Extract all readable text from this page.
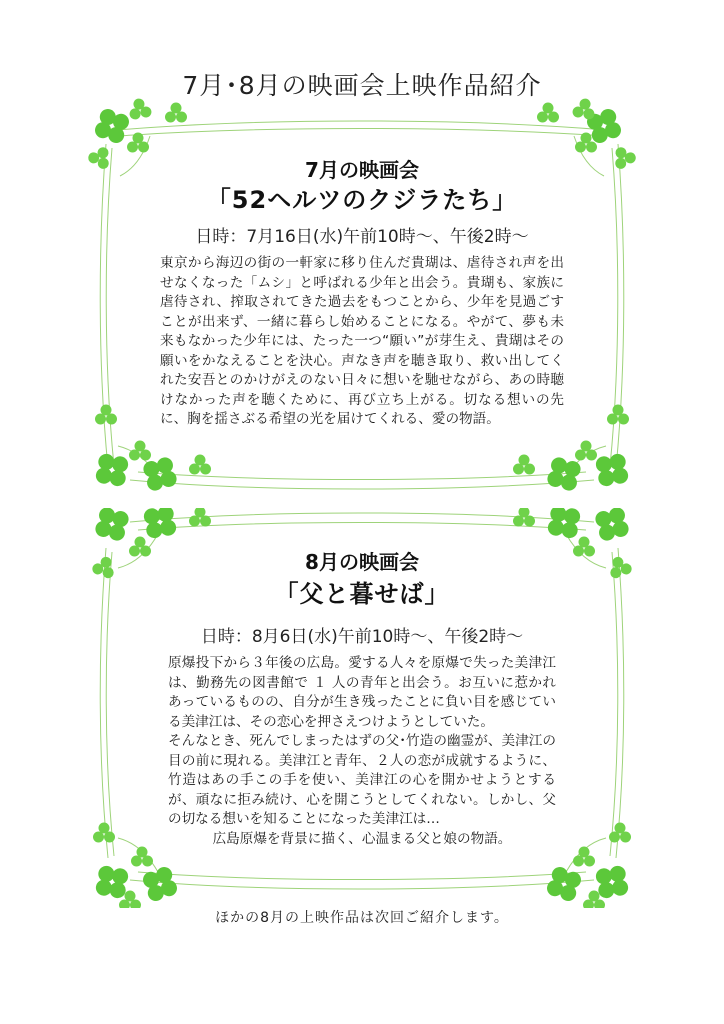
7月･8月の映画会上映作品紹介
7月の映画会
「52ヘルツのクジラたち」
日時：7月16日(水)午前10時～、午後2時～

東京から海辺の街の一軒家に移り住んだ貴瑚は、虐待され声を出せなくなった「ムシ」と呼ばれる少年と出会う。貴瑚も、家族に虐待され、搾取されてきた過去をもつことから、少年を見過ごすことが出来ず、一緒に暮らし始めることになる。やがて、夢も未来もなかった少年には、たった一つ“願い”が芽生え、貴瑚はその願いをかなえることを決心。声なき声を聴き取り、救い出してくれた安吾とのかけがえのない日々に想いを馳せながら、あの時聴けなかった声を聴くために、再び立ち上がる。切なる想いの先に、胸を揺さぶる希望の光を届けてくれる、愛の物語。

8月の映画会
「父と暮せば」
日時：8月6日(水)午前10時～、午後2時～

原爆投下から３年後の広島。愛する人々を原爆で失った美津江は、勤務先の図書館で １ 人の青年と出会う。お互いに惹かれあっているものの、自分が生き残ったことに負い目を感じている美津江は、その恋心を押さえつけようとしていた。

そんなとき、死んでしまったはずの父･竹造の幽霊が、美津江の目の前に現れる。美津江と青年、２人の恋が成就するように、竹造はあの手この手を使い、美津江の心を開かせようとするが、頑なに拒み続け、心を開こうとしてくれない。しかし、父の切なる想いを知ることになった美津江は…

広島原爆を背景に描く、心温まる父と娘の物語。

ほかの8月の上映作品は次回ご紹介します。
